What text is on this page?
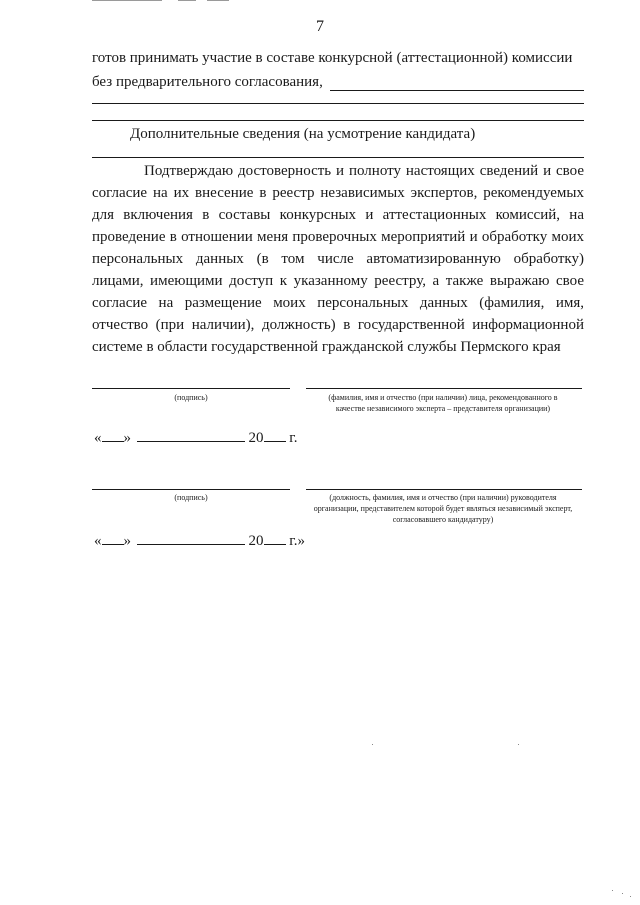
7
готов принимать участие в составе конкурсной (аттестационной) комиссии
без предварительного согласования,
Дополнительные сведения (на усмотрение кандидата)

Подтверждаю достоверность и полноту настоящих сведений и свое согласие на их внесение в реестр независимых экспертов, рекомендуемых для включения в составы конкурсных и аттестационных комиссий, на проведение в отношении меня проверочных мероприятий и обработку моих персональных данных (в том числе автоматизированную обработку) лицами, имеющими доступ к указанному реестру, а также выражаю свое согласие на размещение моих персональных данных (фамилия, имя, отчество (при наличии), должность) в государственной информационной системе в области государственной гражданской службы Пермского края

(подпись)	(фамилия, имя и отчество (при наличии) лица, рекомендованного в качестве независимого эксперта – представителя организации)
« »	20 г.
(подпись)	(должность, фамилия, имя и отчество (при наличии) руководителя организации, представителем которой будет являться независимый эксперт, согласовавшего кандидатуру)
« »	20 г.»
